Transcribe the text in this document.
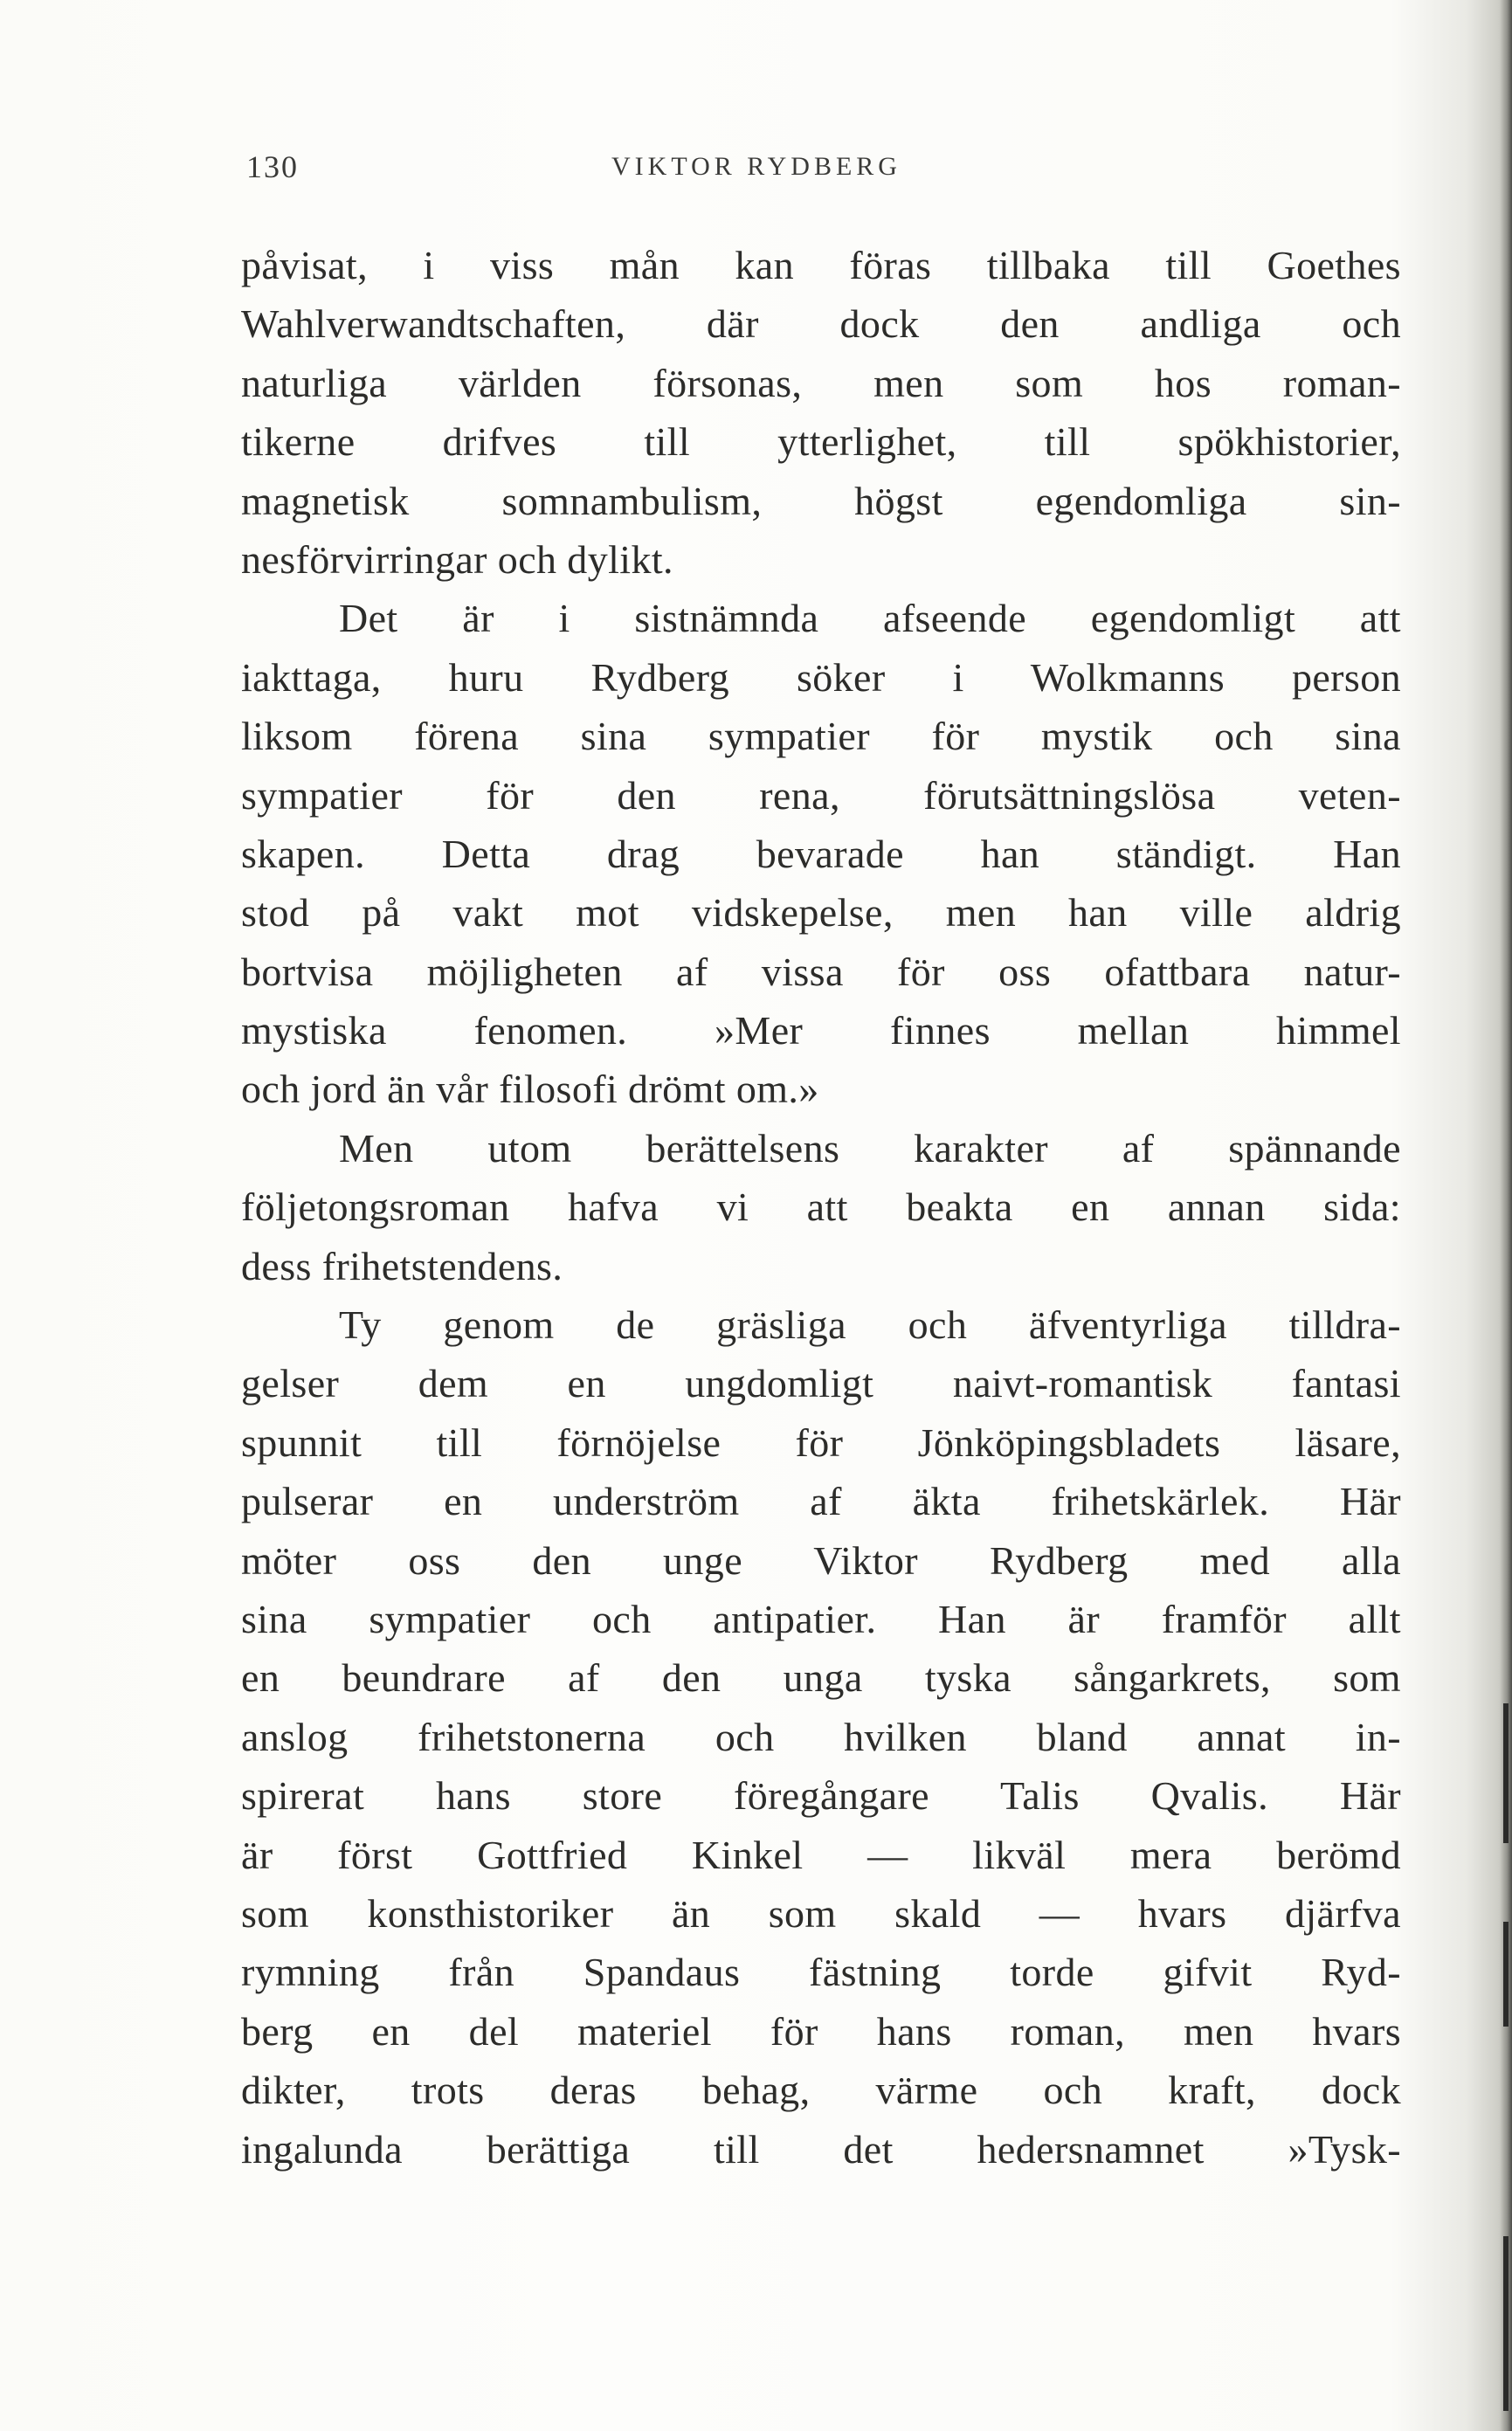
130	VIKTOR RYDBERG
påvisat, i viss mån kan föras tillbaka till Goethes
Wahlverwandtschaften, där dock den andliga och
naturliga världen försonas, men som hos roman-
tikerne drifves till ytterlighet, till spökhistorier,
magnetisk somnambulism, högst egendomliga sin-
nesförvirringar och dylikt.
Det är i sistnämnda afseende egendomligt att
iakttaga, huru Rydberg söker i Wolkmanns person
liksom förena sina sympatier för mystik och sina
sympatier för den rena, förutsättningslösa veten-
skapen. Detta drag bevarade han ständigt. Han
stod på vakt mot vidskepelse, men han ville aldrig
bortvisa möjligheten af vissa för oss ofattbara natur-
mystiska fenomen. »Mer finnes mellan himmel
och jord än vår filosofi drömt om.»
Men utom berättelsens karakter af spännande
följetongsroman hafva vi att beakta en annan sida:
dess frihetstendens.
Ty genom de gräsliga och äfventyrliga tilldra-
gelser dem en ungdomligt naivt-romantisk fantasi
spunnit till förnöjelse för Jönköpingsbladets läsare,
pulserar en underström af äkta frihetskärlek. Här
möter oss den unge Viktor Rydberg med alla
sina sympatier och antipatier. Han är framför allt
en beundrare af den unga tyska sångarkrets, som
anslog frihetstonerna och hvilken bland annat in-
spirerat hans store föregångare Talis Qvalis. Här
är först Gottfried Kinkel — likväl mera berömd
som konsthistoriker än som skald — hvars djärfva
rymning från Spandaus fästning torde gifvit Ryd-
berg en del materiel för hans roman, men hvars
dikter, trots deras behag, värme och kraft, dock
ingalunda berättiga till det hedersnamnet »Tysk-
